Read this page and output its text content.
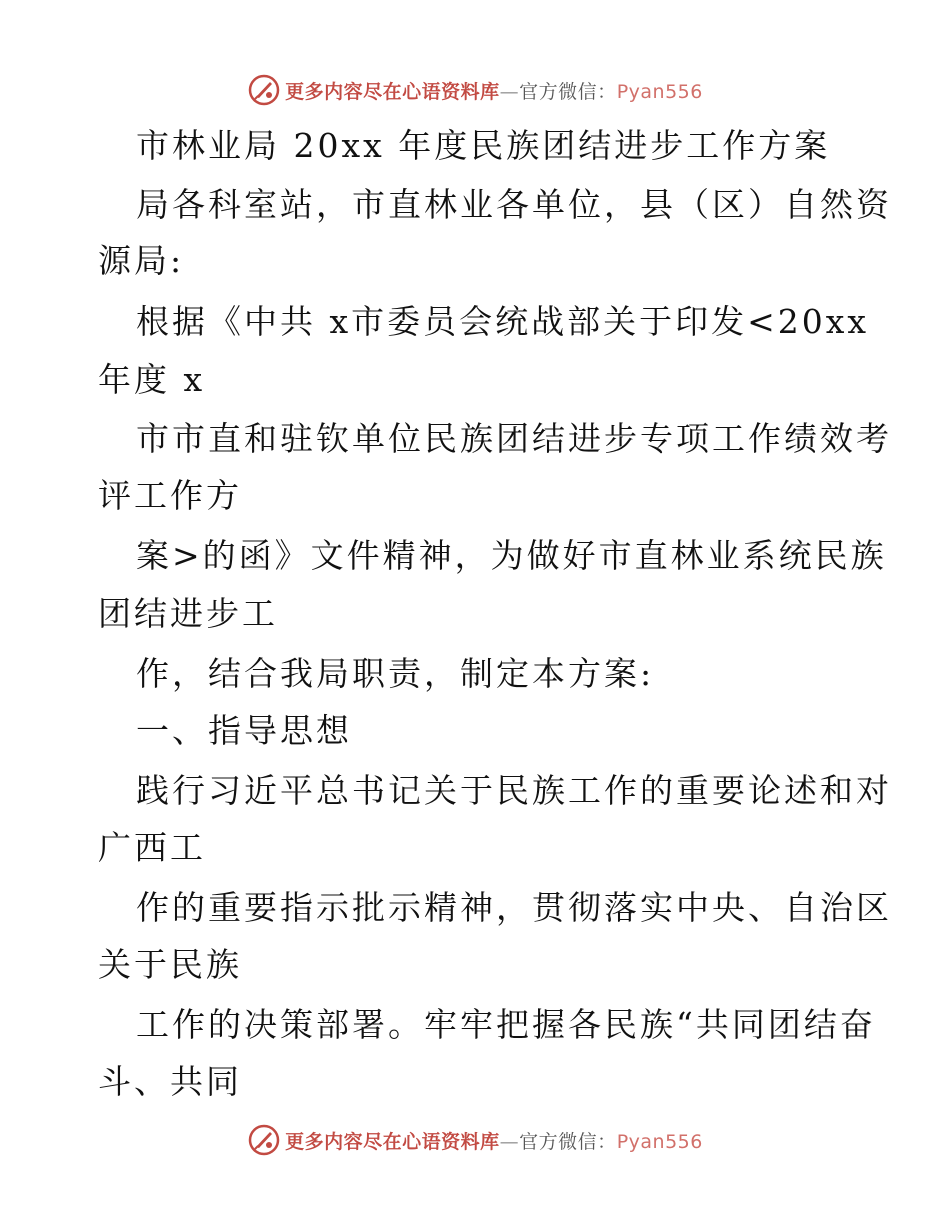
更多内容尽在心语资料库—官方微信：Pyan556
市林业局 20xx 年度民族团结进步工作方案
局各科室站，市直林业各单位，县（区）自然资
源局:
根据《中共 x市委员会统战部关于印发<20xx
年度 x
市市直和驻钦单位民族团结进步专项工作绩效考
评工作方
案>的函》文件精神，为做好市直林业系统民族
团结进步工
作，结合我局职责，制定本方案:
一、指导思想
践行习近平总书记关于民族工作的重要论述和对
广西工
作的重要指示批示精神，贯彻落实中央、自治区
关于民族
工作的决策部署。牢牢把握各民族“共同团结奋
斗、共同
更多内容尽在心语资料库—官方微信：Pyan556
